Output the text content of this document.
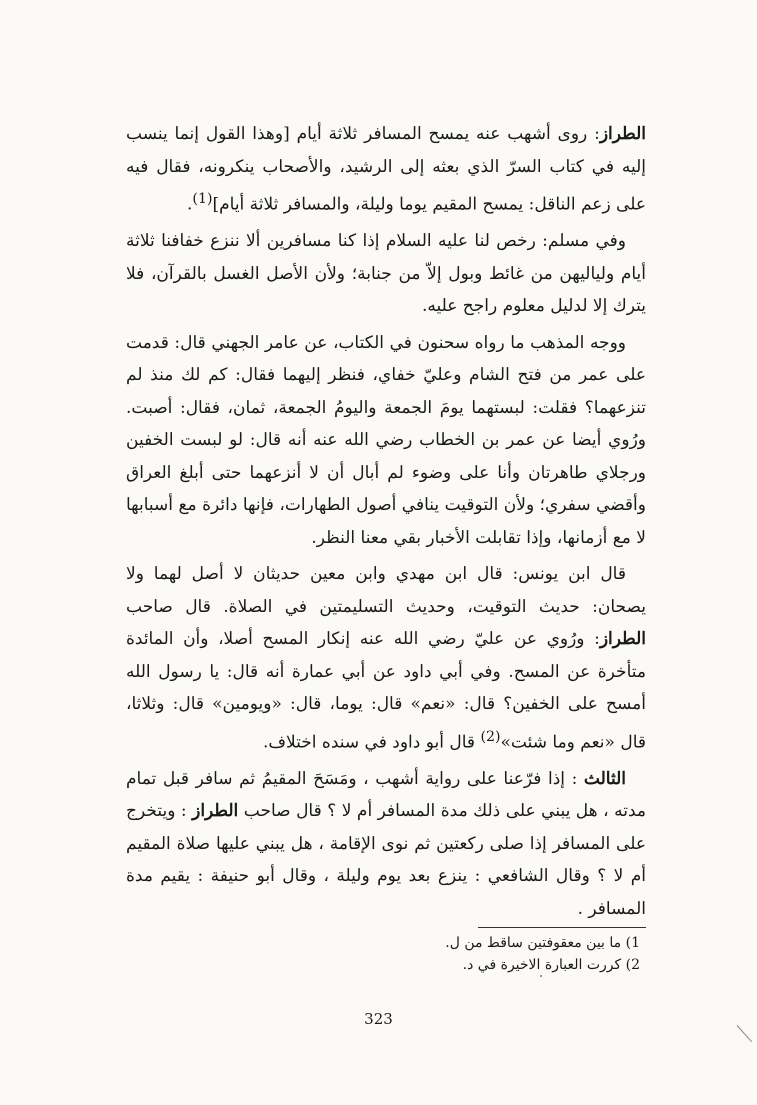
الطراز: روى أشهب عنه يمسح المسافر ثلاثة أيام [وهذا القول إنما ينسب إليه في كتاب السرّ الذي بعثه إلى الرشيد، والأصحاب ينكرونه، فقال فيه على زعم الناقل: يمسح المقيم يوما وليلة، والمسافر ثلاثة أيام]$^{(1)}$.

وفي مسلم: رخص لنا عليه السلام إذا كنا مسافرين ألا ننزع خفافنا ثلاثة أيام ولياليهن من غائط وبول إلاّ من جنابة؛ ولأن الأصل الغسل بالقرآن، فلا يترك إلا لدليل معلوم راجح عليه.

ووجه المذهب ما رواه سحنون في الكتاب، عن عامر الجهني قال: قدمت على عمر من فتح الشام وعليّ خفاي، فنظر إليهما فقال: كم لك منذ لم تنزعهما؟ فقلت: لبستهما يومَ الجمعة واليومُ الجمعة، ثمان، فقال: أصبت. ورُوي أيضا عن عمر بن الخطاب رضي الله عنه أنه قال: لو لبست الخفين ورجلاي طاهرتان وأنا على وضوء لم أبال أن لا أنزعهما حتى أبلغ العراق وأقضي سفري؛ ولأن التوقيت ينافي أصول الطهارات، فإنها دائرة مع أسبابها لا مع أزمانها، وإذا تقابلت الأخبار بقي معنا النظر.

قال ابن يونس: قال ابن مهدي وابن معين حديثان لا أصل لهما ولا يصحان: حديث التوقيت، وحديث التسليمتين في الصلاة. قال صاحب الطراز: ورُوي عن عليّ رضي الله عنه إنكار المسح أصلا، وأن المائدة متأخرة عن المسح. وفي أبي داود عن أبي عمارة أنه قال: يا رسول الله أمسح على الخفين؟ قال: «نعم» قال: يوما، قال: «ويومين» قال: وثلاثا، قال «نعم وما شئت»$^{(2)}$ قال أبو داود في سنده اختلاف.

الثالث : إذا فرّعنا على رواية أشهب ، ومَسَحَ المقيمُ ثم سافر قبل تمام مدته ، هل يبني على ذلك مدة المسافر أم لا ؟ قال صاحب الطراز : ويتخرج على المسافر إذا صلى ركعتين ثم نوى الإقامة ، هل يبني عليها صلاة المقيم أم لا ؟ وقال الشافعي : ينزع بعد يوم وليلة ، وقال أبو حنيفة : يقيم مدة المسافر .

1) ما بين معقوفتين ساقط من ل.

2) كررت العبارة الاخيرة في د.

323
